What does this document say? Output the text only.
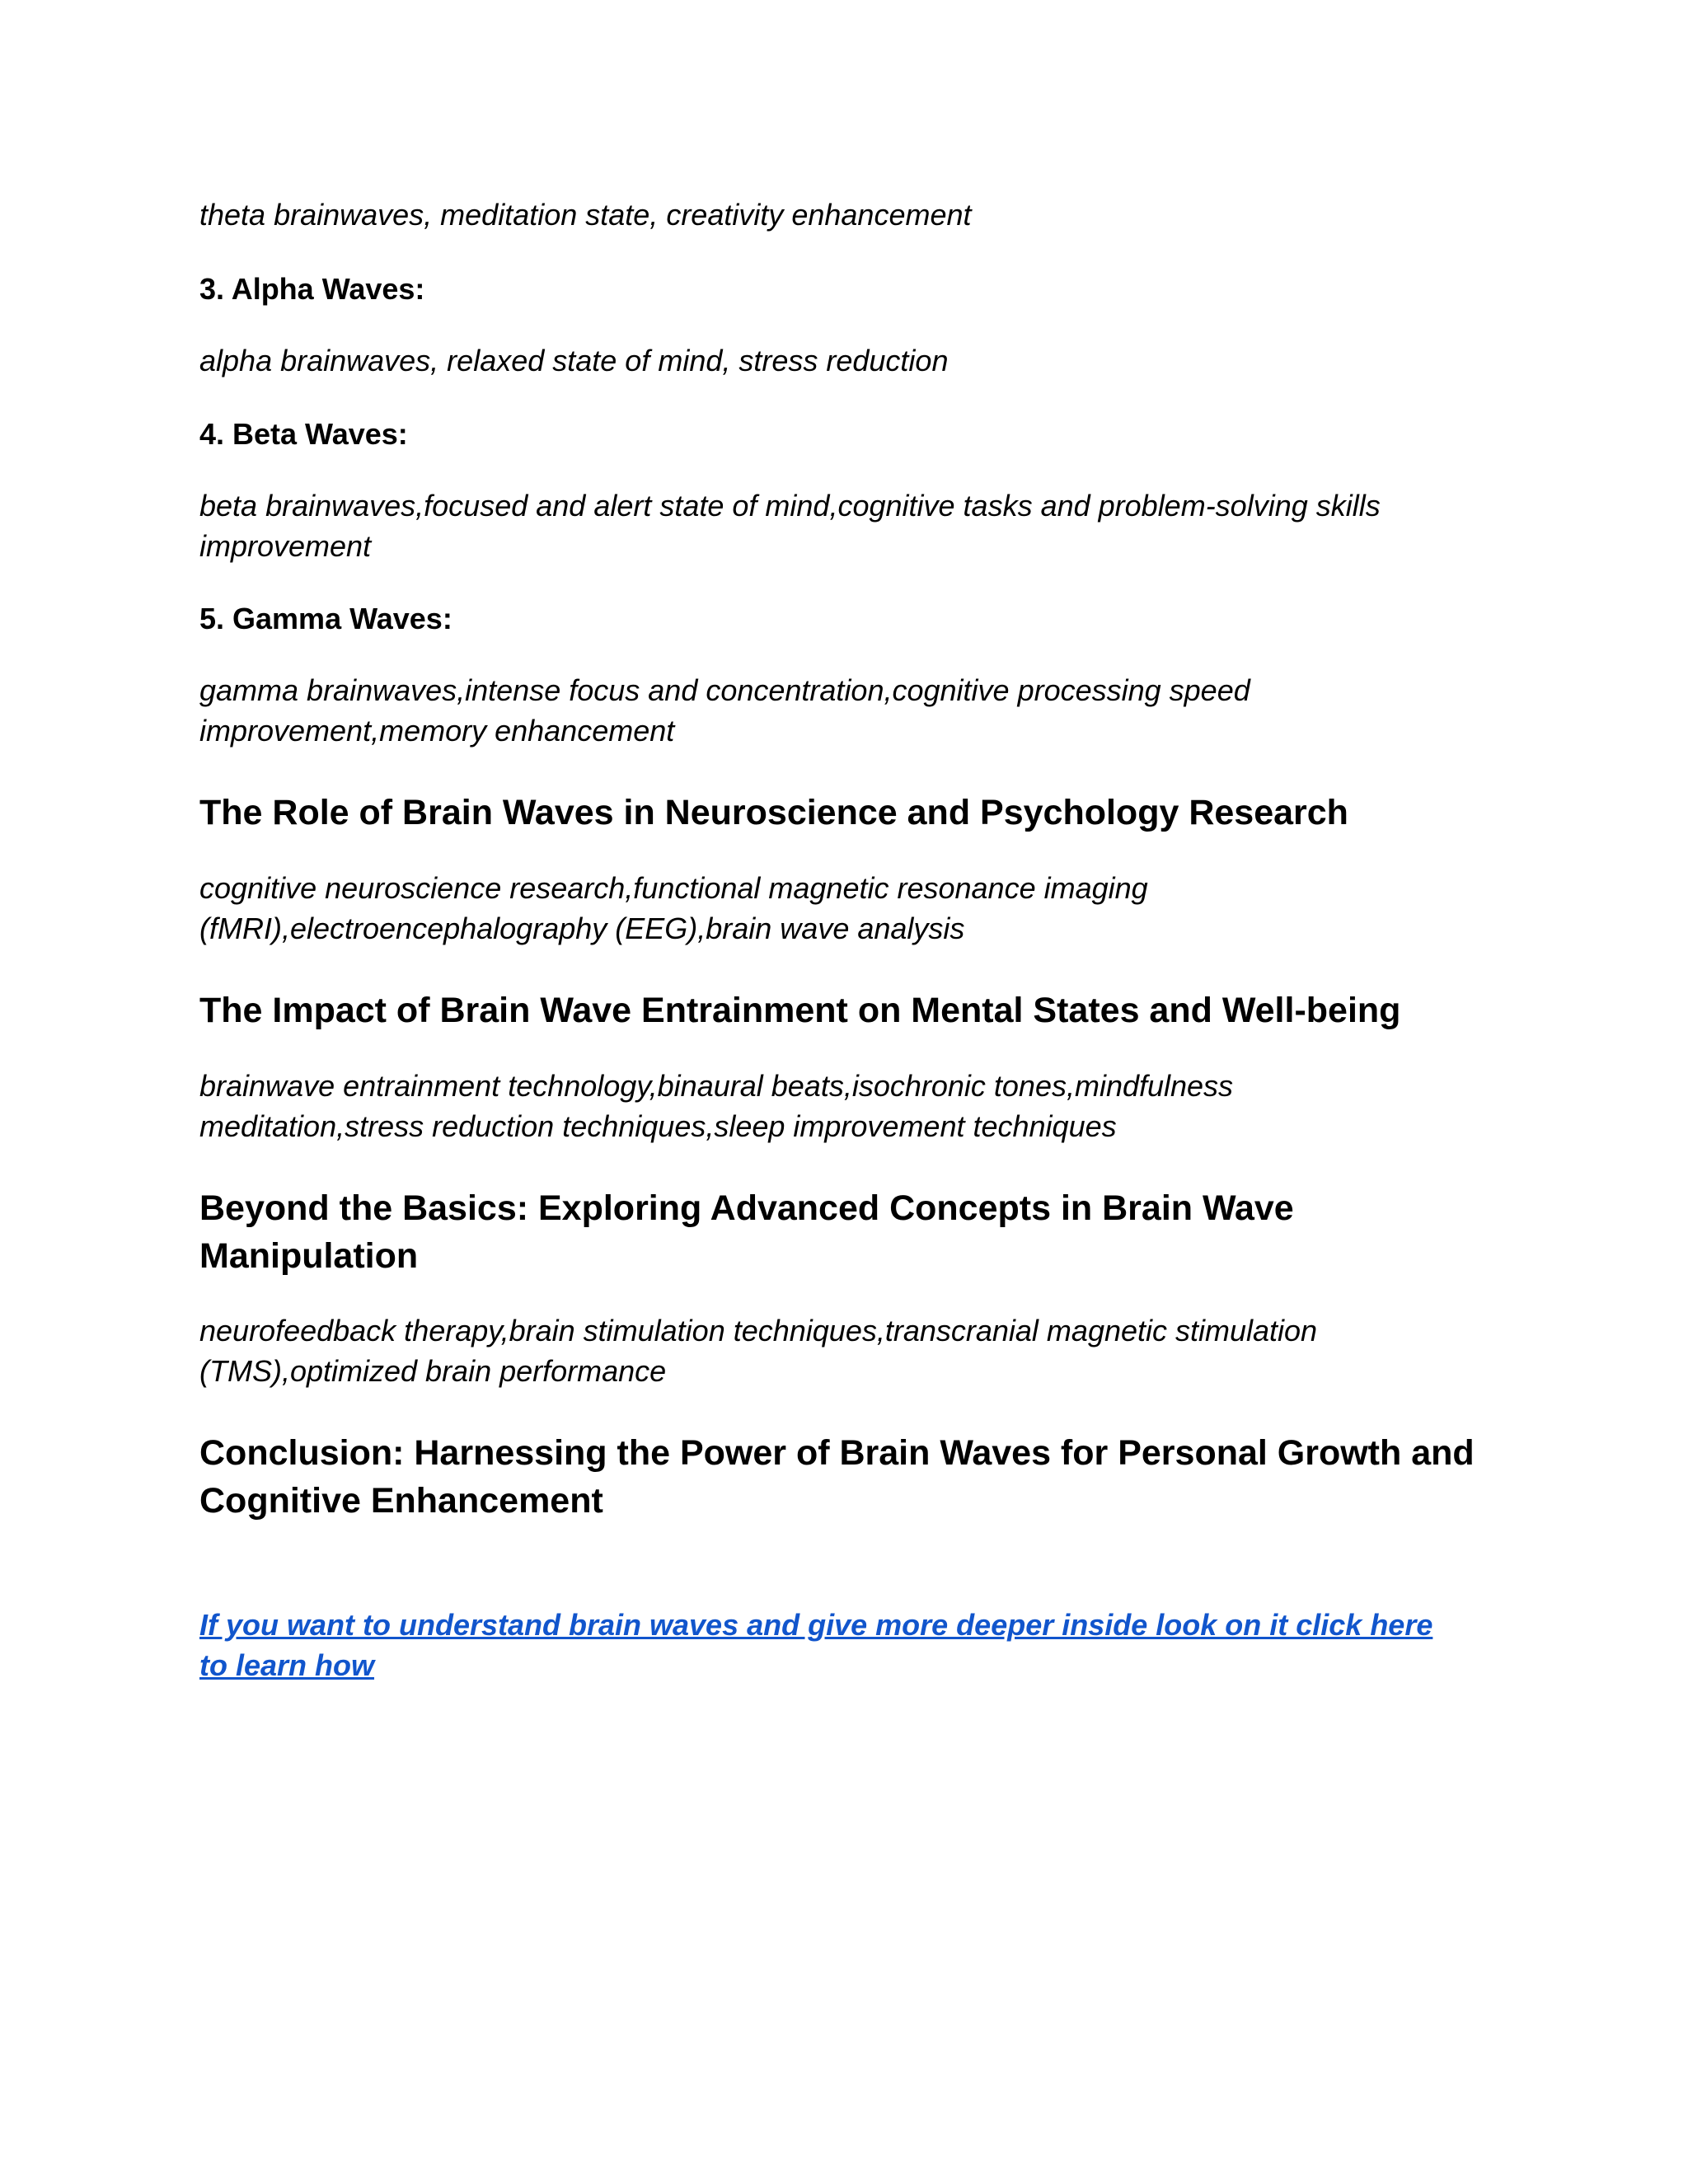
theta brainwaves, meditation state, creativity enhancement

3. Alpha Waves:

alpha brainwaves, relaxed state of mind, stress reduction

4. Beta Waves:

beta brainwaves,focused and alert state of mind,cognitive tasks and problem-solving skills

improvement

5. Gamma Waves:

gamma brainwaves,intense focus and concentration,cognitive processing speed

improvement,memory enhancement

The Role of Brain Waves in Neuroscience and Psychology Research

cognitive neuroscience research,functional magnetic resonance imaging

(fMRI),electroencephalography (EEG),brain wave analysis

The Impact of Brain Wave Entrainment on Mental States and Well-being

brainwave entrainment technology,binaural beats,isochronic tones,mindfulness

meditation,stress reduction techniques,sleep improvement techniques

Beyond the Basics: Exploring Advanced Concepts in Brain Wave

Manipulation

neurofeedback therapy,brain stimulation techniques,transcranial magnetic stimulation

(TMS),optimized brain performance

Conclusion: Harnessing the Power of Brain Waves for Personal Growth and

Cognitive Enhancement

If you want to understand brain waves and give more deeper inside look on it click here

to learn how
